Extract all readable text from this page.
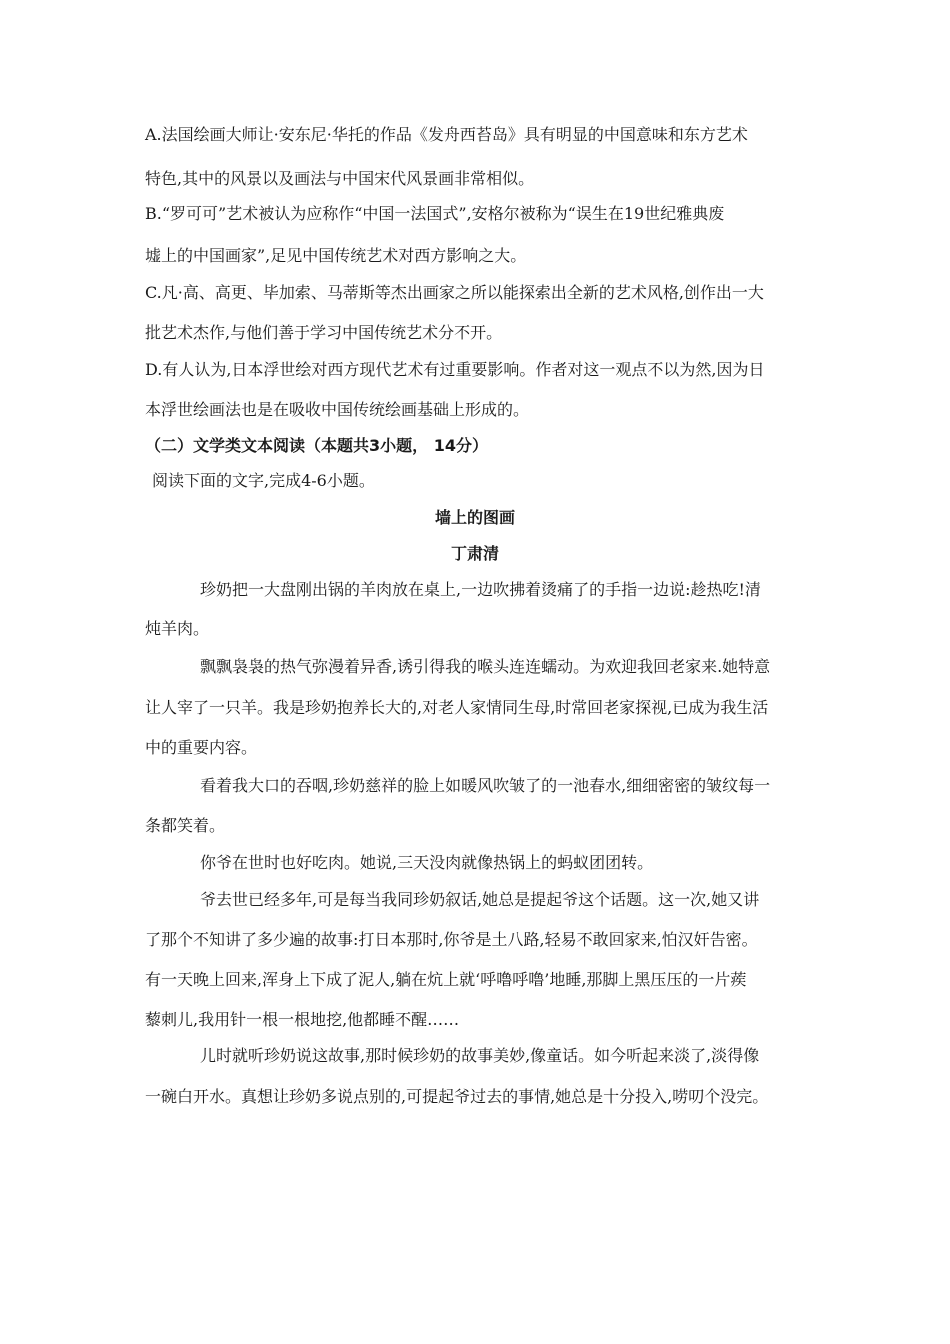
A.法国绘画大师让·安东尼·华托的作品《发舟西苔岛》具有明显的中国意味和东方艺术
特色,其中的风景以及画法与中国宋代风景画非常相似。
B.“罗可可”艺术被认为应称作“中国一法国式”,安格尔被称为“误生在19世纪雅典废
墟上的中国画家”,足见中国传统艺术对西方影响之大。
C.凡·高、高更、毕加索、马蒂斯等杰出画家之所以能探索出全新的艺术风格,创作出一大
批艺术杰作,与他们善于学习中国传统艺术分不开。
D.有人认为,日本浮世绘对西方现代艺术有过重要影响。作者对这一观点不以为然,因为日
本浮世绘画法也是在吸收中国传统绘画基础上形成的。
（二）文学类文本阅读（本题共3小题， 14分）
阅读下面的文字,完成4-6小题。
墙上的图画
丁肃清
珍奶把一大盘刚出锅的羊肉放在桌上,一边吹拂着烫痛了的手指一边说:趁热吃!清
炖羊肉。
飘飘袅袅的热气弥漫着异香,诱引得我的喉头连连蠕动。为欢迎我回老家来.她特意
让人宰了一只羊。我是珍奶抱养长大的,对老人家情同生母,时常回老家探视,已成为我生活
中的重要内容。
看着我大口的吞咽,珍奶慈祥的脸上如暖风吹皱了的一池春水,细细密密的皱纹每一
条都笑着。
你爷在世时也好吃肉。她说,三天没肉就像热锅上的蚂蚁团团转。
爷去世已经多年,可是每当我同珍奶叙话,她总是提起爷这个话题。这一次,她又讲
了那个不知讲了多少遍的故事:打日本那时,你爷是土八路,轻易不敢回家来,怕汉奸告密。
有一天晚上回来,浑身上下成了泥人,躺在炕上就‘呼噜呼噜’地睡,那脚上黑压压的一片蒺
藜刺儿,我用针一根一根地挖,他都睡不醒……
儿时就听珍奶说这故事,那时候珍奶的故事美妙,像童话。如今听起来淡了,淡得像
一碗白开水。真想让珍奶多说点别的,可提起爷过去的事情,她总是十分投入,唠叨个没完。
